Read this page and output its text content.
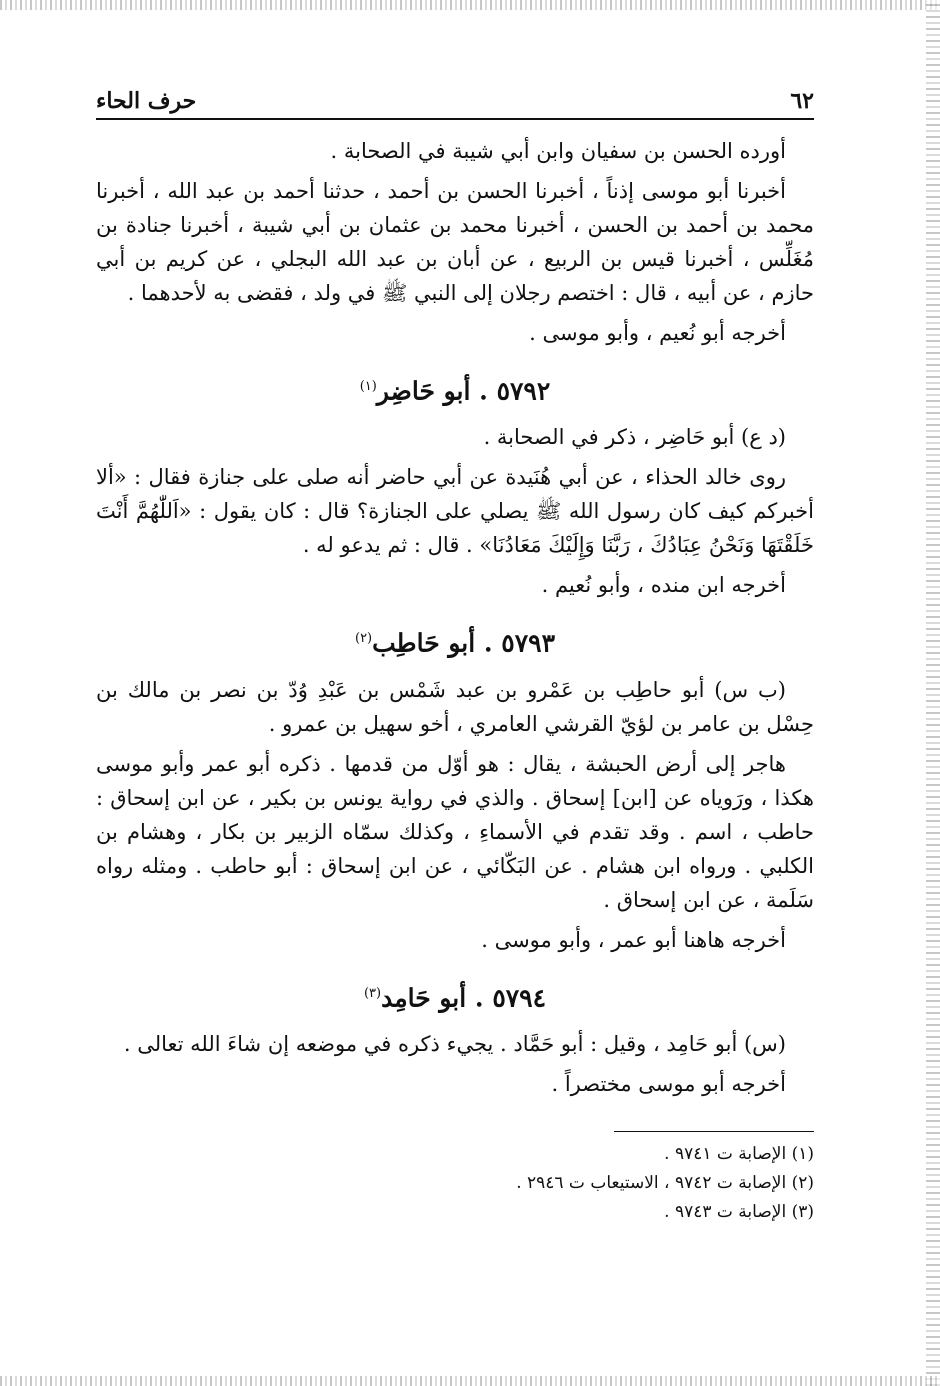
٦٢
حرف الحاء

أورده الحسن بن سفيان وابن أبي شيبة في الصحابة .

أخبرنا أبو موسى إذناً ، أخبرنا الحسن بن أحمد ، حدثنا أحمد بن عبد الله ، أخبرنا محمد بن أحمد بن الحسن ، أخبرنا محمد بن عثمان بن أبي شيبة ، أخبرنا جنادة بن مُغَلِّس ، أخبرنا قيس بن الربيع ، عن أبان بن عبد الله البجلي ، عن كريم بن أبي حازم ، عن أبيه ، قال : اختصم رجلان إلى النبي ﷺ في ولد ، فقضى به لأحدهما .

أخرجه أبو نُعيم ، وأبو موسى .

٥٧٩٢ . أبو حَاضِر$^{(١)}$

(د ع) أبو حَاضِر ، ذكر في الصحابة .

روى خالد الحذاء ، عن أبي هُنَيدة عن أبي حاضر أنه صلى على جنازة فقال : «ألا أخبركم كيف كان رسول الله ﷺ يصلي على الجنازة؟ قال : كان يقول : «اَللّٰهُمَّ أَنْتَ خَلَقْتَهَا وَنَحْنُ عِبَادُكَ ، رَبَّنَا وَإِلَيْكَ مَعَادُنَا» . قال : ثم يدعو له .

أخرجه ابن منده ، وأبو نُعيم .

٥٧٩٣ . أبو حَاطِب$^{(٢)}$

(ب س) أبو حاطِب بن عَمْرو بن عبد شَمْس بن عَبْدِ وُدّ بن نصر بن مالك بن حِسْل بن عامر بن لؤيّ القرشي العامري ، أخو سهيل بن عمرو .

هاجر إلى أرض الحبشة ، يقال : هو أوّل من قدمها . ذكره أبو عمر وأبو موسى هكذا ، ورَوياه عن [ابن] إسحاق . والذي في رواية يونس بن بكير ، عن ابن إسحاق : حاطب ، اسم . وقد تقدم في الأسماءِ ، وكذلك سمّاه الزبير بن بكار ، وهشام بن الكلبي . ورواه ابن هشام . عن البَكّائي ، عن ابن إسحاق : أبو حاطب . ومثله رواه سَلَمة ، عن ابن إسحاق .

أخرجه هاهنا أبو عمر ، وأبو موسى .

٥٧٩٤ . أبو حَامِد$^{(٣)}$

(س) أبو حَامِد ، وقيل : أبو حَمَّاد . يجيء ذكره في موضعه إن شاءَ الله تعالى .

أخرجه أبو موسى مختصراً .

(١) الإصابة ت ٩٧٤١ .

(٢) الإصابة ت ٩٧٤٢ ، الاستيعاب ت ٢٩٤٦ .

(٣) الإصابة ت ٩٧٤٣ .
